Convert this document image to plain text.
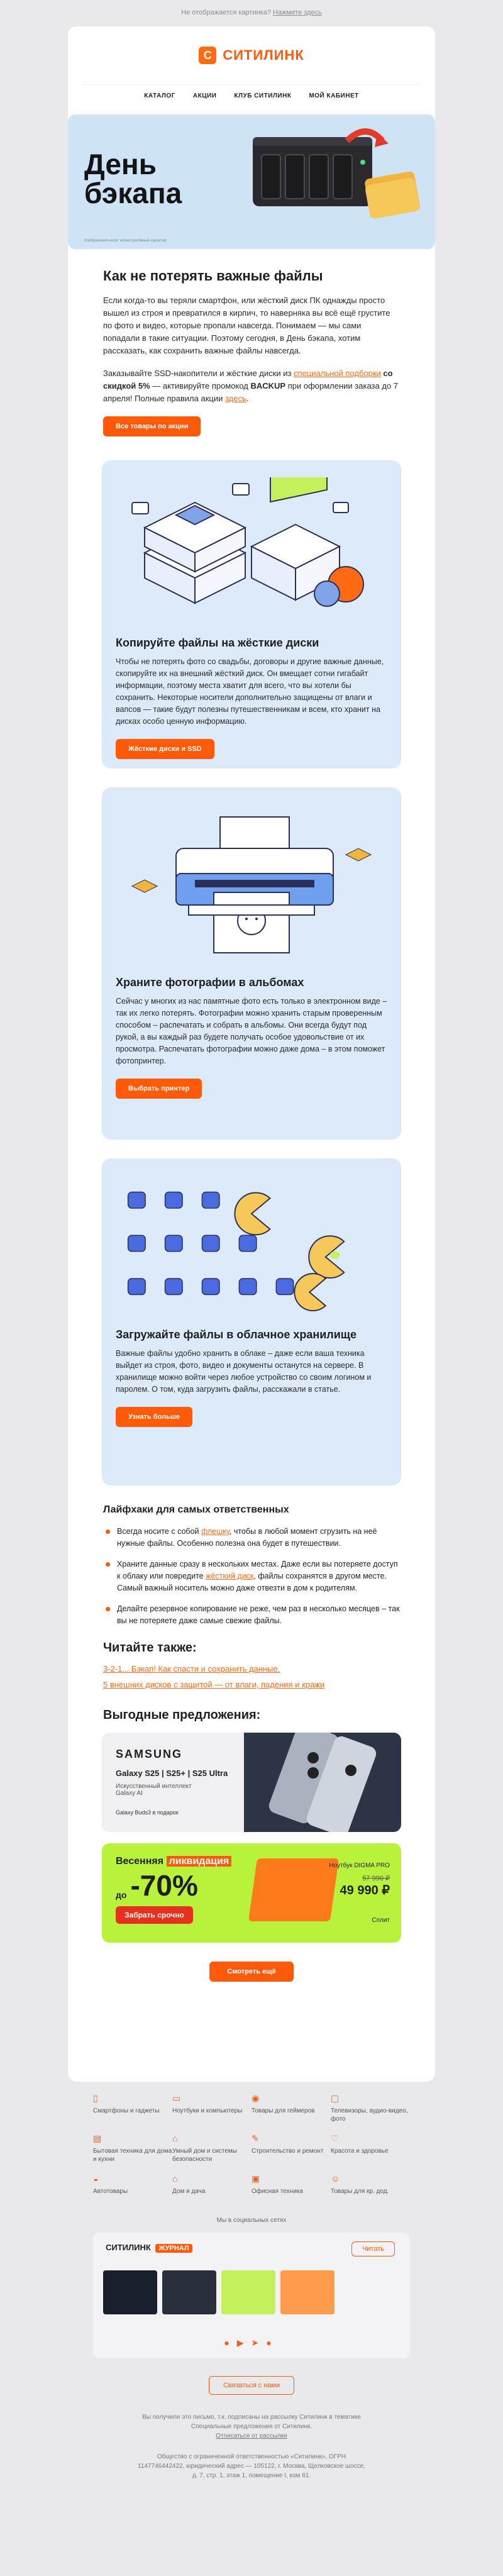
Не отображается картинка? Нажмите здесь
C СИТИЛИНК
КАТАЛОГ	АКЦИИ	КЛУБ СИТИЛИНК	МОЙ КАБИНЕТ
День
бэкапа
Изображения носят иллюстративный характер
Как не потерять важные файлы

Если когда-то вы теряли смартфон, или жёсткий диск ПК однажды просто вышел из строя и превратился в кирпич, то наверняка вы всё ещё грустите по фото и видео, которые пропали навсегда. Понимаем — мы сами попадали в такие ситуации. Поэтому сегодня, в День бэкапа, хотим рассказать, как сохранить важные файлы навсегда.

Заказывайте SSD-накопители и жёсткие диски из специальной подборки со скидкой 5% — активируйте промокод BACKUP при оформлении заказа до 7 апреля! Полные правила акции здесь.

Все товары по акции
Копируйте файлы на жёсткие диски

Чтобы не потерять фото со свадьбы, договоры и другие важные данные, скопируйте их на внешний жёсткий диск. Он вмещает сотни гигабайт информации, поэтому места хватит для всего, что вы хотели бы сохранить. Некоторые носители дополнительно защищены от влаги и вапсов — такие будут полезны путешественникам и всем, кто хранит на дисках особо ценную информацию.

Жёсткие диски и SSD
Храните фотографии в альбомах

Сейчас у многих из нас памятные фото есть только в электронном виде – так их легко потерять. Фотографии можно хранить старым проверенным способом – распечатать и собрать в альбомы. Они всегда будут под рукой, а вы каждый раз будете получать особое удовольствие от их просмотра. Распечатать фотографии можно даже дома – в этом поможет фотопринтер.

Выбрать принтер
Загружайте файлы в облачное хранилище

Важные файлы удобно хранить в облаке – даже если ваша техника выйдет из строя, фото, видео и документы останутся на сервере. В хранилище можно войти через любое устройство со своим логином и паролем. О том, куда загрузить файлы, расскажали в статье.

Узнать больше
Лайфхаки для самых ответственных
Всегда носите с собой флешку, чтобы в любой момент сгрузить на неё нужные файлы. Особенно полезна она будет в путешествии.
Храните данные сразу в нескольких местах. Даже если вы потеряете доступ к облаку или повредите жёсткий диск, файлы сохранятся в другом месте. Самый важный носитель можно даже отвезти в дом к родителям.
Делайте резервное копирование не реже, чем раз в несколько месяцев – так вы не потеряете даже самые свежие файлы.
Читайте также:
3-2-1... Бэкап! Как спасти и сохранить данные.
5 внешних дисков с защитой — от влаги, падения и кражи
Выгодные предложения:
SAMSUNG
Galaxy S25 | S25+ | S25 Ultra
Искусственный интеллект
Galaxy AI
Galaxy Buds3 в подарок
Весенняя ликвидация
до -70%
Забрать срочно
Ноутбук DIGMA PRO
57 990 ₽
49 990 ₽
Сплит
Смотреть ещё
▯
Смартфоны и гаджеты
▭
Ноутбуки и компьютеры
◉
Товары для геймеров
▢
Телевизоры, аудио-видео, фото
▤
Бытовая техника для дома и кухни
⌂
Умный дом и системы безопасности
✎
Строительство и ремонт
♡
Красота и здоровье
◒
Автотовары
⌂
Дом и дача
▣
Офисная техника
☺
Товары для кр. дод.
Мы в социальных сетях
СИТИЛИНК ЖУРНАЛ	Читать
●▶➤●
Связаться с нами
Вы получили это письмо, т.к. подписаны на рассылку Ситилинк в тематике
Специальные предложения от Ситилинк.
Отписаться от рассылки
Общество с ограниченной ответственностью «Ситилинк», ОГРН
1147746442422, юридический адрес — 105122, г. Москва, Щелковское шоссе,
д. 7, стр. 1, этаж 1, помещение I, ком 61.
